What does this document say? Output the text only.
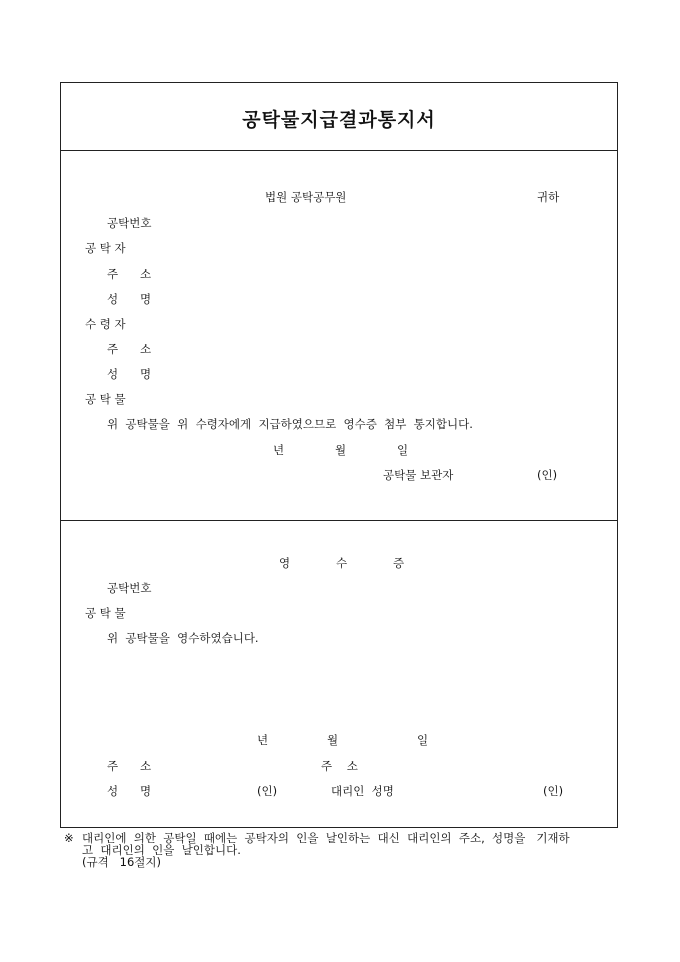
공탁물지급결과통지서
법원 공탁공무원	귀하
공탁번호
공 탁 자
주      소
성      명
수 령 자
주      소
성      명
공 탁 물
위  공탁물을  위  수령자에게  지급하였으므로  영수증  첨부  통지합니다.
년	월	일
공탁물 보관자	(인)
영	수	증
공탁번호
공 탁 물
위  공탁물을  영수하였습니다.
년	월	일
주      소	주    소
성      명	(인)	대리인  성명	(인)
※ 대리인에  의한  공탁일  때에는  공탁자의  인을  날인하는  대신  대리인의  주소,  성명을   기재하
고  대리인의  인을  날인합니다.
(규격   16절지)
